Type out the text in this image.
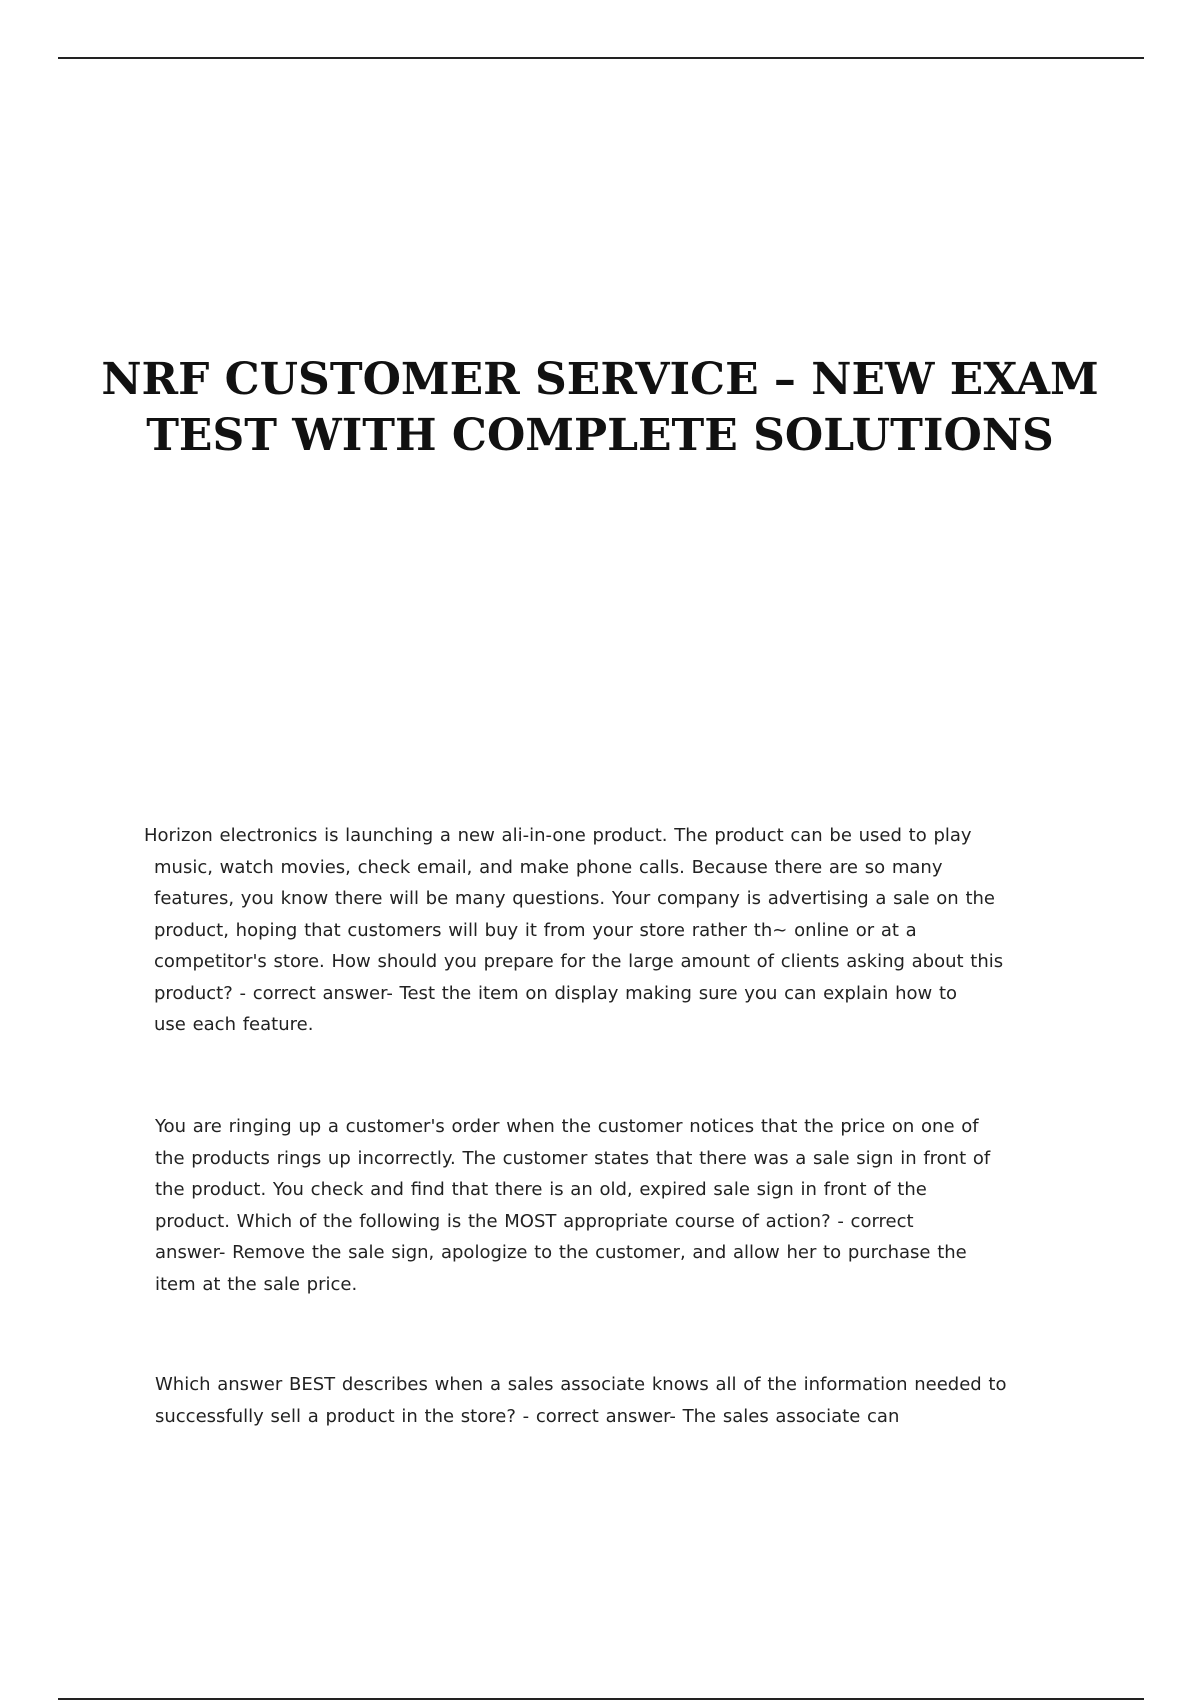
NRF CUSTOMER SERVICE – NEW EXAM
TEST WITH COMPLETE SOLUTIONS

Horizon electronics is launching a new ali-in-one product. The product can be used to play
music, watch movies, check email, and make phone calls. Because there are so many
features, you know there will be many questions. Your company is advertising a sale on the
product, hoping that customers will buy it from your store rather th~ online or at a
competitor's store. How should you prepare for the large amount of clients asking about this
product? - correct answer- Test the item on display making sure you can explain how to
use each feature.

You are ringing up a customer's order when the customer notices that the price on one of
the products rings up incorrectly. The customer states that there was a sale sign in front of
the product. You check and find that there is an old, expired sale sign in front of the
product. Which of the following is the MOST appropriate course of action? - correct
answer- Remove the sale sign, apologize to the customer, and allow her to purchase the
item at the sale price.

Which answer BEST describes when a sales associate knows all of the information needed to
successfully sell a product in the store? - correct answer- The sales associate can
